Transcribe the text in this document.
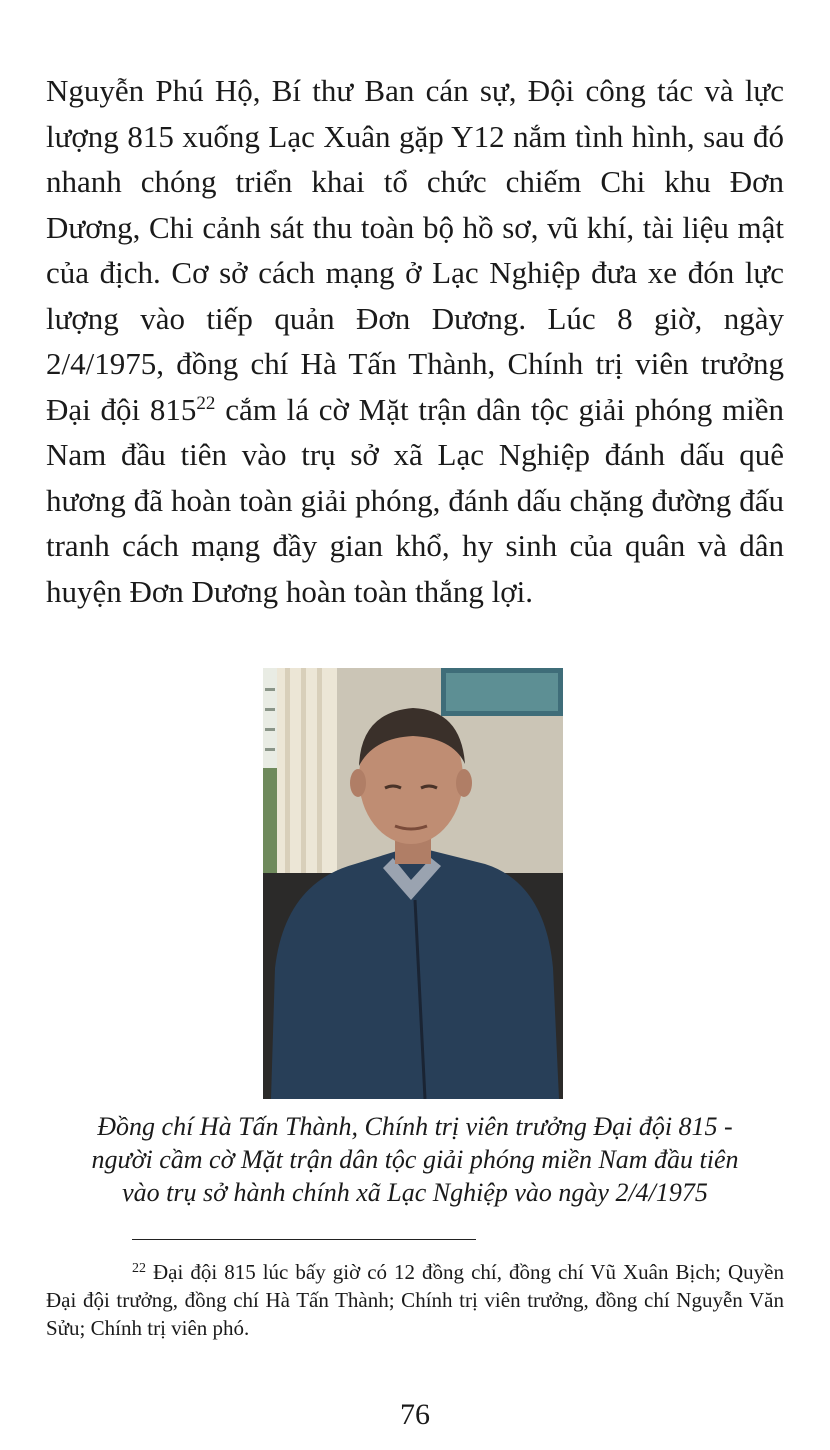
Nguyễn Phú Hộ, Bí thư Ban cán sự, Đội công tác và lực lượng 815 xuống Lạc Xuân gặp Y12 nắm tình hình, sau đó nhanh chóng triển khai tổ chức chiếm Chi khu Đơn Dương, Chi cảnh sát thu toàn bộ hồ sơ, vũ khí, tài liệu mật của địch. Cơ sở cách mạng ở Lạc Nghiệp đưa xe đón lực lượng vào tiếp quản Đơn Dương. Lúc 8 giờ, ngày 2/4/1975, đồng chí Hà Tấn Thành, Chính trị viên trưởng Đại đội $815^{22}$ cắm lá cờ Mặt trận dân tộc giải phóng miền Nam đầu tiên vào trụ sở xã Lạc Nghiệp đánh dấu quê hương đã hoàn toàn giải phóng, đánh dấu chặng đường đấu tranh cách mạng đầy gian khổ, hy sinh của quân và dân huyện Đơn Dương hoàn toàn thắng lợi.

Đồng chí Hà Tấn Thành, Chính trị viên trưởng Đại đội 815 -
người cầm cờ Mặt trận dân tộc giải phóng miền Nam đầu tiên
vào trụ sở hành chính xã Lạc Nghiệp vào ngày 2/4/1975

$^{22}$ Đại đội 815 lúc bấy giờ có 12 đồng chí, đồng chí Vũ Xuân Bịch; Quyền Đại đội trưởng, đồng chí Hà Tấn Thành; Chính trị viên trưởng, đồng chí Nguyễn Văn Sửu; Chính trị viên phó.

76
